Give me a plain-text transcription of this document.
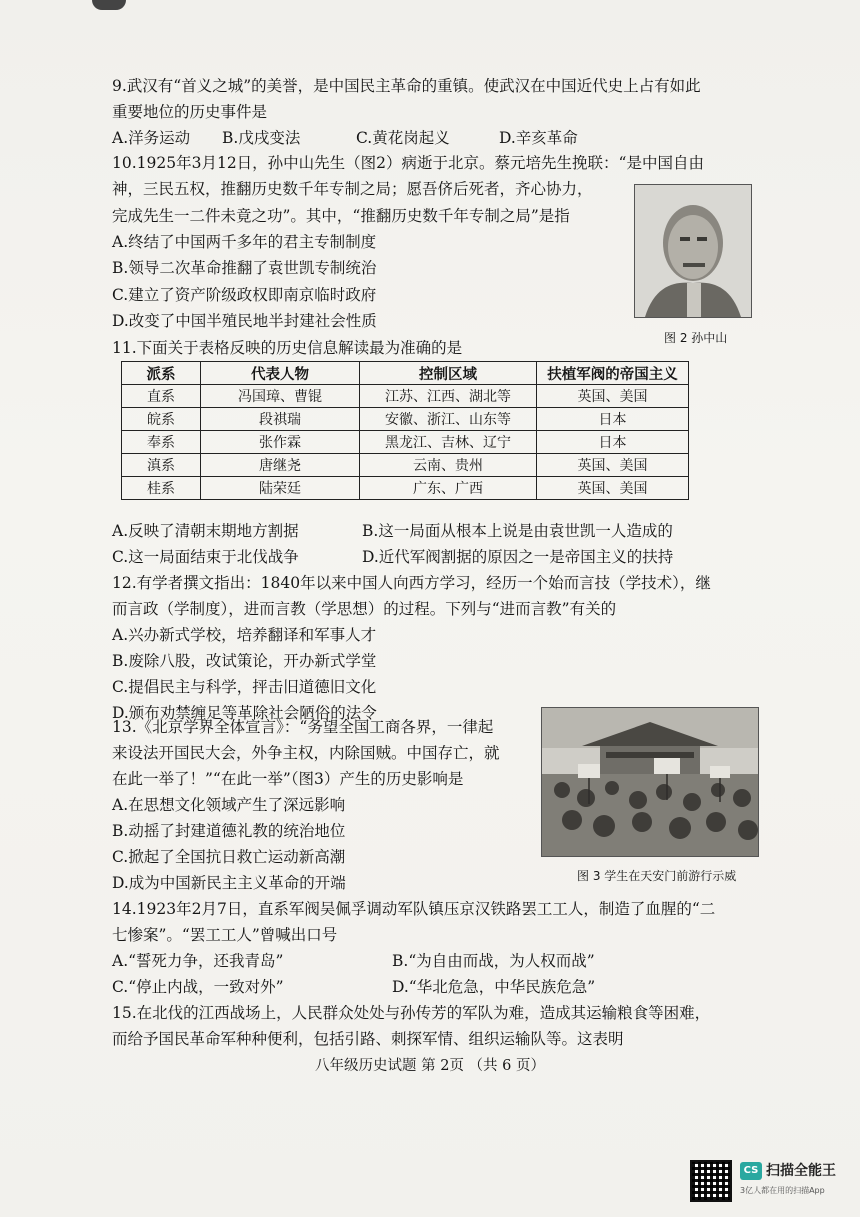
9.武汉有“首义之城”的美誉，是中国民主革命的重镇。使武汉在中国近代史上占有如此
重要地位的历史事件是
A.洋务运动 B.戊戌变法	C.黄花岗起义	D.辛亥革命
10.1925年3月12日，孙中山先生（图2）病逝于北京。蔡元培先生挽联：“是中国自由
神，三民五权，推翻历史数千年专制之局；愿吾侪后死者，齐心协力，
完成先生一二件未竟之功”。其中，“推翻历史数千年专制之局”是指
A.终结了中国两千多年的君主专制制度
B.领导二次革命推翻了袁世凯专制统治
C.建立了资产阶级政权即南京临时政府
D.改变了中国半殖民地半封建社会性质
图 2 孙中山
11.下面关于表格反映的历史信息解读最为准确的是
派系	代表人物	控制区域	扶植军阀的帝国主义
直系	冯国璋、曹锟	江苏、江西、湖北等	英国、美国
皖系	段祺瑞	安徽、浙江、山东等	日本
奉系	张作霖	黑龙江、吉林、辽宁	日本
滇系	唐继尧	云南、贵州	英国、美国
桂系	陆荣廷	广东、广西	英国、美国
A.反映了清朝末期地方割据	B.这一局面从根本上说是由袁世凯一人造成的
C.这一局面结束于北伐战争	D.近代军阀割据的原因之一是帝国主义的扶持
12.有学者撰文指出：1840年以来中国人向西方学习，经历一个始而言技（学技术），继
而言政（学制度），进而言教（学思想）的过程。下列与“进而言教”有关的
A.兴办新式学校，培养翻译和军事人才
B.废除八股，改试策论，开办新式学堂
C.提倡民主与科学，抨击旧道德旧文化
D.颁布劝禁缠足等革除社会陋俗的法令
13.《北京学界全体宣言》：“务望全国工商各界，一律起
来设法开国民大会，外争主权，内除国贼。中国存亡，就
在此一举了！”“在此一举”（图3）产生的历史影响是
A.在思想文化领域产生了深远影响
B.动摇了封建道德礼教的统治地位
C.掀起了全国抗日救亡运动新高潮
D.成为中国新民主主义革命的开端	图 3 学生在天安门前游行示威
14.1923年2月7日，直系军阀吴佩孚调动军队镇压京汉铁路罢工工人，制造了血腥的“二
七惨案”。“罢工工人”曾喊出口号
A.“誓死力争，还我青岛”	B.“为自由而战，为人权而战”
C.“停止内战，一致对外”	D.“华北危急，中华民族危急”
15.在北伐的江西战场上，人民群众处处与孙传芳的军队为难，造成其运输粮食等困难，
而给予国民革命军种种便利，包括引路、刺探军情、组织运输队等。这表明
八年级历史试题 第 2页 （共 6 页）
CS 扫描全能王
3亿人都在用的扫描App
